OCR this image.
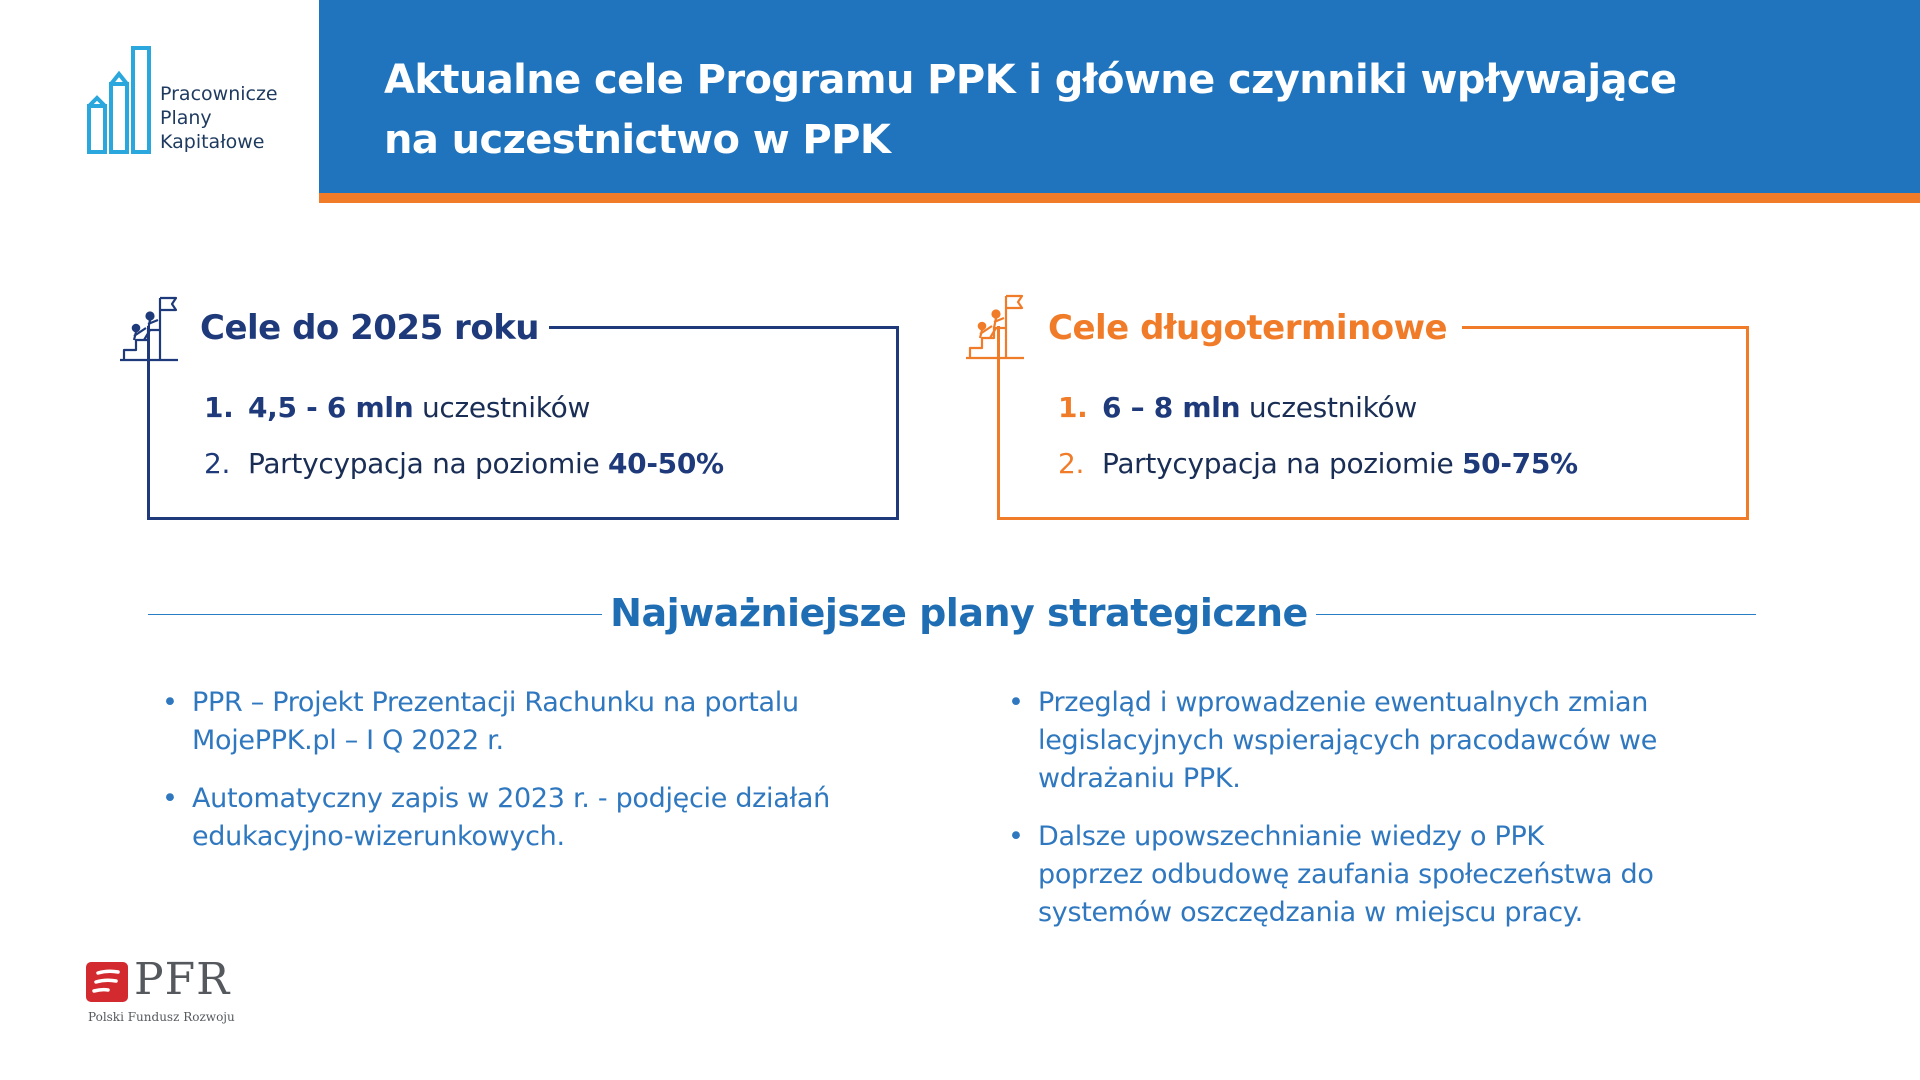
Pracownicze
Plany
Kapitałowe

Aktualne cele Programu PPK i główne czynniki wpływające
na uczestnictwo w PPK
Cele do 2025 roku
1. 4,5 - 6 mln uczestników
2. Partycypacja na poziomie 40-50%
Cele długoterminowe
1. 6 – 8 mln uczestników
2. Partycypacja na poziomie 50-75%
Najważniejsze plany strategiczne
• PPR – Projekt Prezentacji Rachunku na portalu
MojePPK.pl – I Q 2022 r.
• Automatyczny zapis w 2023 r. - podjęcie działań
edukacyjno-wizerunkowych.
• Przegląd i wprowadzenie ewentualnych zmian
legislacyjnych wspierających pracodawców we
wdrażaniu PPK.
• Dalsze upowszechnianie wiedzy o PPK
poprzez odbudowę zaufania społeczeństwa do
systemów oszczędzania w miejscu pracy.

PFR

Polski Fundusz Rozwoju
